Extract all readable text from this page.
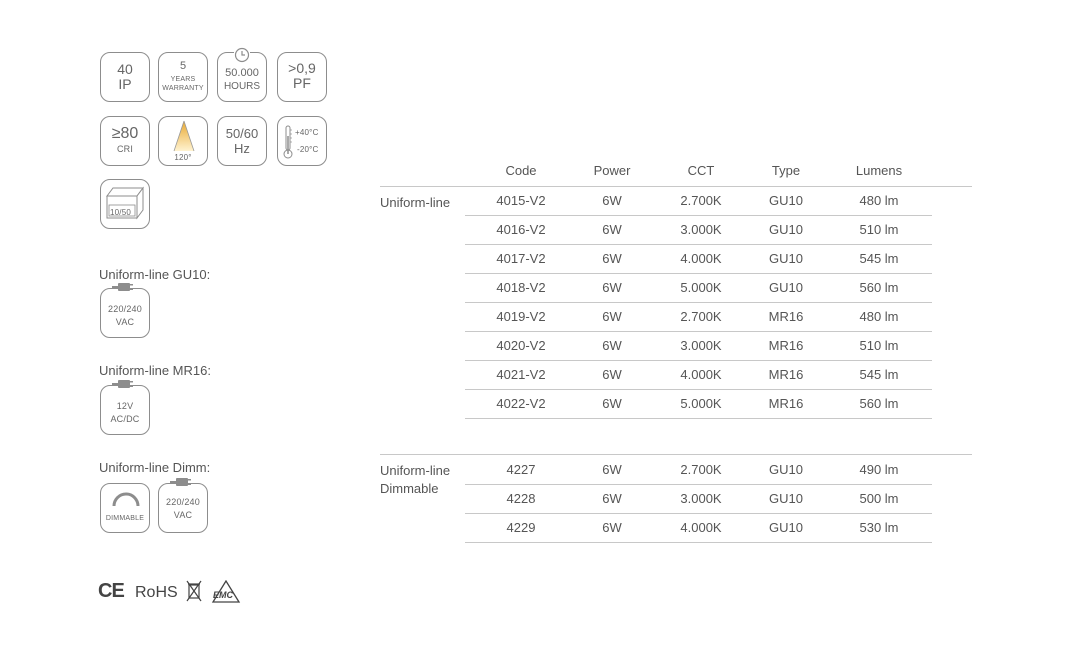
40
IP
5
YEARS
WARRANTY
50.000
HOURS
>0,9
PF
≥80
CRI
120°
50/60
Hz
+40°C
-20°C
10/50
Uniform-line GU10:
220/240
VAC
Uniform-line MR16:
12V
AC/DC
Uniform-line Dimm:
DIMMABLE
220/240
VAC
CE RoHS	EMC
Code	Power	CCT	Type	Lumens
Uniform-line	4015-V2	6W	2.700K	GU10	480 lm
4016-V2	6W	3.000K	GU10	510 lm
4017-V2	6W	4.000K	GU10	545 lm
4018-V2	6W	5.000K	GU10	560 lm
4019-V2	6W	2.700K	MR16	480 lm
4020-V2	6W	3.000K	MR16	510 lm
4021-V2	6W	4.000K	MR16	545 lm
4022-V2	6W	5.000K	MR16	560 lm
Uniform-line
Dimmable
4227	6W	2.700K	GU10	490 lm
4228	6W	3.000K	GU10	500 lm
4229	6W	4.000K	GU10	530 lm
